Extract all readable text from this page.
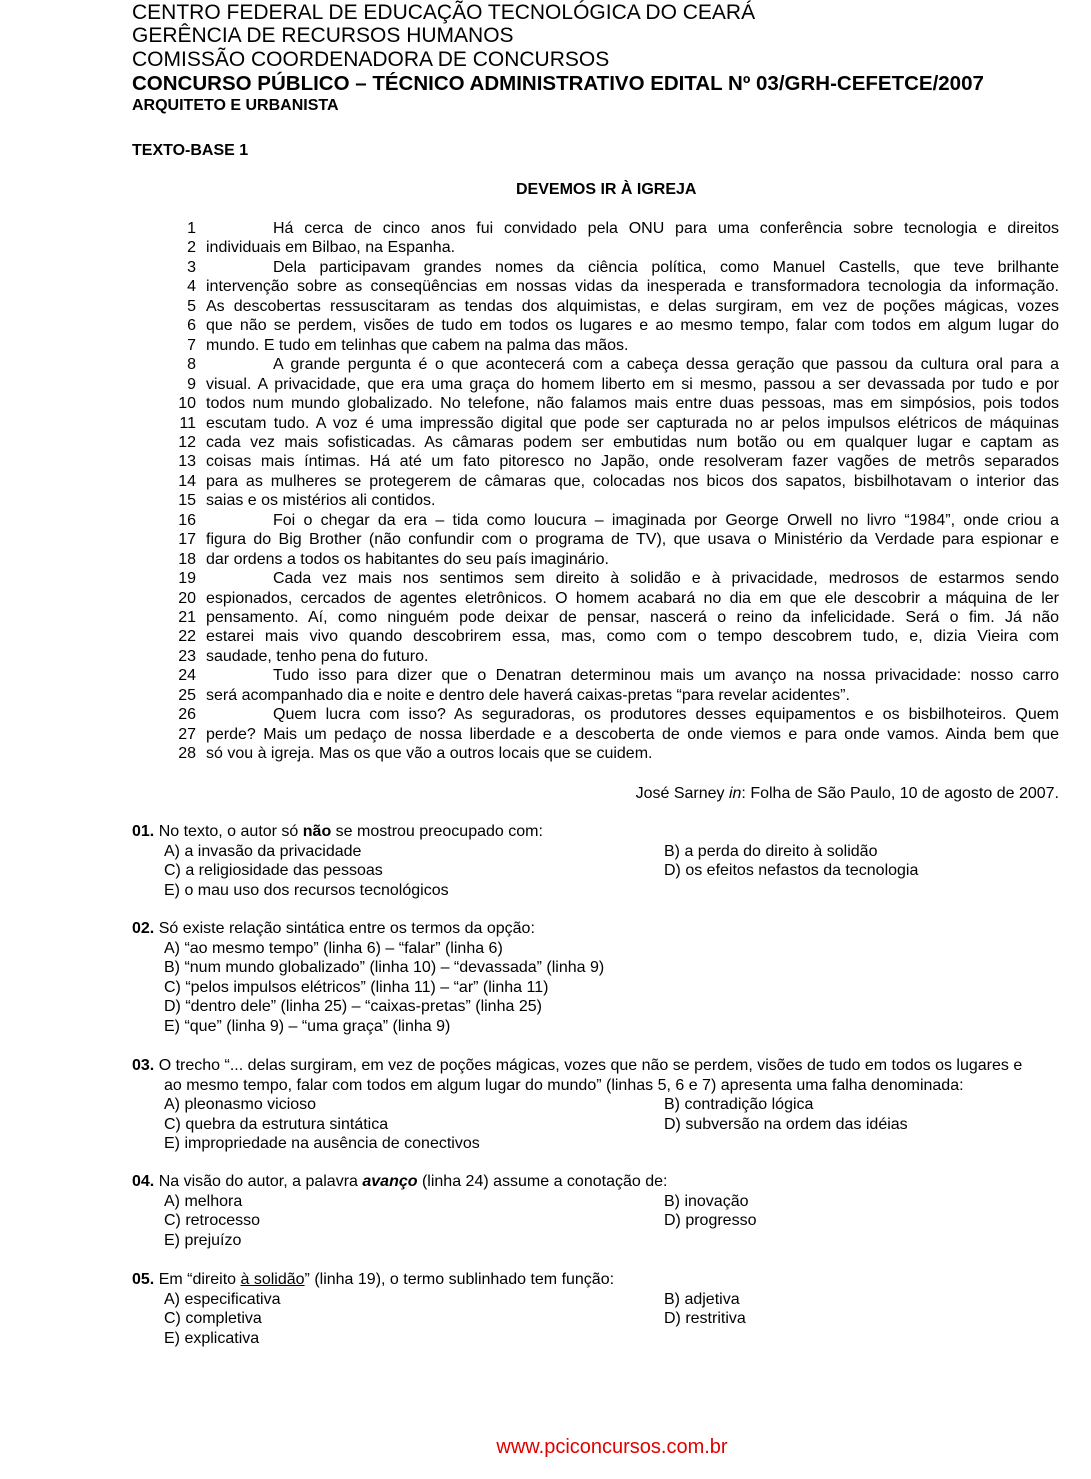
CENTRO FEDERAL DE EDUCAÇÃO TECNOLÓGICA DO CEARÁ
GERÊNCIA DE RECURSOS HUMANOS
COMISSÃO COORDENADORA DE CONCURSOS
CONCURSO PÚBLICO – TÉCNICO ADMINISTRATIVO EDITAL Nº 03/GRH-CEFETCE/2007
ARQUITETO E URBANISTA
TEXTO-BASE 1
DEVEMOS IR À IGREJA
1	Há cerca de cinco anos fui convidado pela ONU para uma conferência sobre tecnologia e direitos
2 individuais em Bilbao, na Espanha.
3	Dela participavam grandes nomes da ciência política, como Manuel Castells, que teve brilhante
4 intervenção sobre as conseqüências em nossas vidas da inesperada e transformadora tecnologia da informação.
5 As descobertas ressuscitaram as tendas dos alquimistas, e delas surgiram, em vez de poções mágicas, vozes
6 que não se perdem, visões de tudo em todos os lugares e ao mesmo tempo, falar com todos em algum lugar do
7 mundo. E tudo em telinhas que cabem na palma das mãos.
8	A grande pergunta é o que acontecerá com a cabeça dessa geração que passou da cultura oral para a
9 visual. A privacidade, que era uma graça do homem liberto em si mesmo, passou a ser devassada por tudo e por
10 todos num mundo globalizado. No telefone, não falamos mais entre duas pessoas, mas em simpósios, pois todos
11 escutam tudo. A voz é uma impressão digital que pode ser capturada no ar pelos impulsos elétricos de máquinas
12 cada vez mais sofisticadas. As câmaras podem ser embutidas num botão ou em qualquer lugar e captam as
13 coisas mais íntimas. Há até um fato pitoresco no Japão, onde resolveram fazer vagões de metrôs separados
14 para as mulheres se protegerem de câmaras que, colocadas nos bicos dos sapatos, bisbilhotavam o interior das
15 saias e os mistérios ali contidos.
16	Foi o chegar da era – tida como loucura – imaginada por George Orwell no livro “1984”, onde criou a
17 figura do Big Brother (não confundir com o programa de TV), que usava o Ministério da Verdade para espionar e
18 dar ordens a todos os habitantes do seu país imaginário.
19	Cada vez mais nos sentimos sem direito à solidão e à privacidade, medrosos de estarmos sendo
20 espionados, cercados de agentes eletrônicos. O homem acabará no dia em que ele descobrir a máquina de ler
21 pensamento. Aí, como ninguém pode deixar de pensar, nascerá o reino da infelicidade. Será o fim. Já não
22 estarei mais vivo quando descobrirem essa, mas, como com o tempo descobrem tudo, e, dizia Vieira com
23 saudade, tenho pena do futuro.
24	Tudo isso para dizer que o Denatran determinou mais um avanço na nossa privacidade: nosso carro
25 será acompanhado dia e noite e dentro dele haverá caixas-pretas “para revelar acidentes”.
26	Quem lucra com isso? As seguradoras, os produtores desses equipamentos e os bisbilhoteiros. Quem
27 perde? Mais um pedaço de nossa liberdade e a descoberta de onde viemos e para onde vamos. Ainda bem que
28 só vou à igreja. Mas os que vão a outros locais que se cuidem.
José Sarney in: Folha de São Paulo, 10 de agosto de 2007.
01. No texto, o autor só não se mostrou preocupado com:
A) a invasão da privacidade	B) a perda do direito à solidão
C) a religiosidade das pessoas	D) os efeitos nefastos da tecnologia
E) o mau uso dos recursos tecnológicos
02. Só existe relação sintática entre os termos da opção:
A) “ao mesmo tempo” (linha 6) – “falar” (linha 6)
B) “num mundo globalizado” (linha 10) – “devassada” (linha 9)
C) “pelos impulsos elétricos” (linha 11) – “ar” (linha 11)
D) “dentro dele” (linha 25) – “caixas-pretas” (linha 25)
E) “que” (linha 9) – “uma graça” (linha 9)
03. O trecho “... delas surgiram, em vez de poções mágicas, vozes que não se perdem, visões de tudo em todos os lugares e
ao mesmo tempo, falar com todos em algum lugar do mundo” (linhas 5, 6 e 7) apresenta uma falha denominada:
A) pleonasmo vicioso	B) contradição lógica
C) quebra da estrutura sintática	D) subversão na ordem das idéias
E) impropriedade na ausência de conectivos
04. Na visão do autor, a palavra avanço (linha 24) assume a conotação de:
A) melhora	B) inovação
C) retrocesso	D) progresso
E) prejuízo
05. Em “direito à solidão” (linha 19), o termo sublinhado tem função:
A) especificativa	B) adjetiva
C) completiva	D) restritiva
E) explicativa
www.pciconcursos.com.br
